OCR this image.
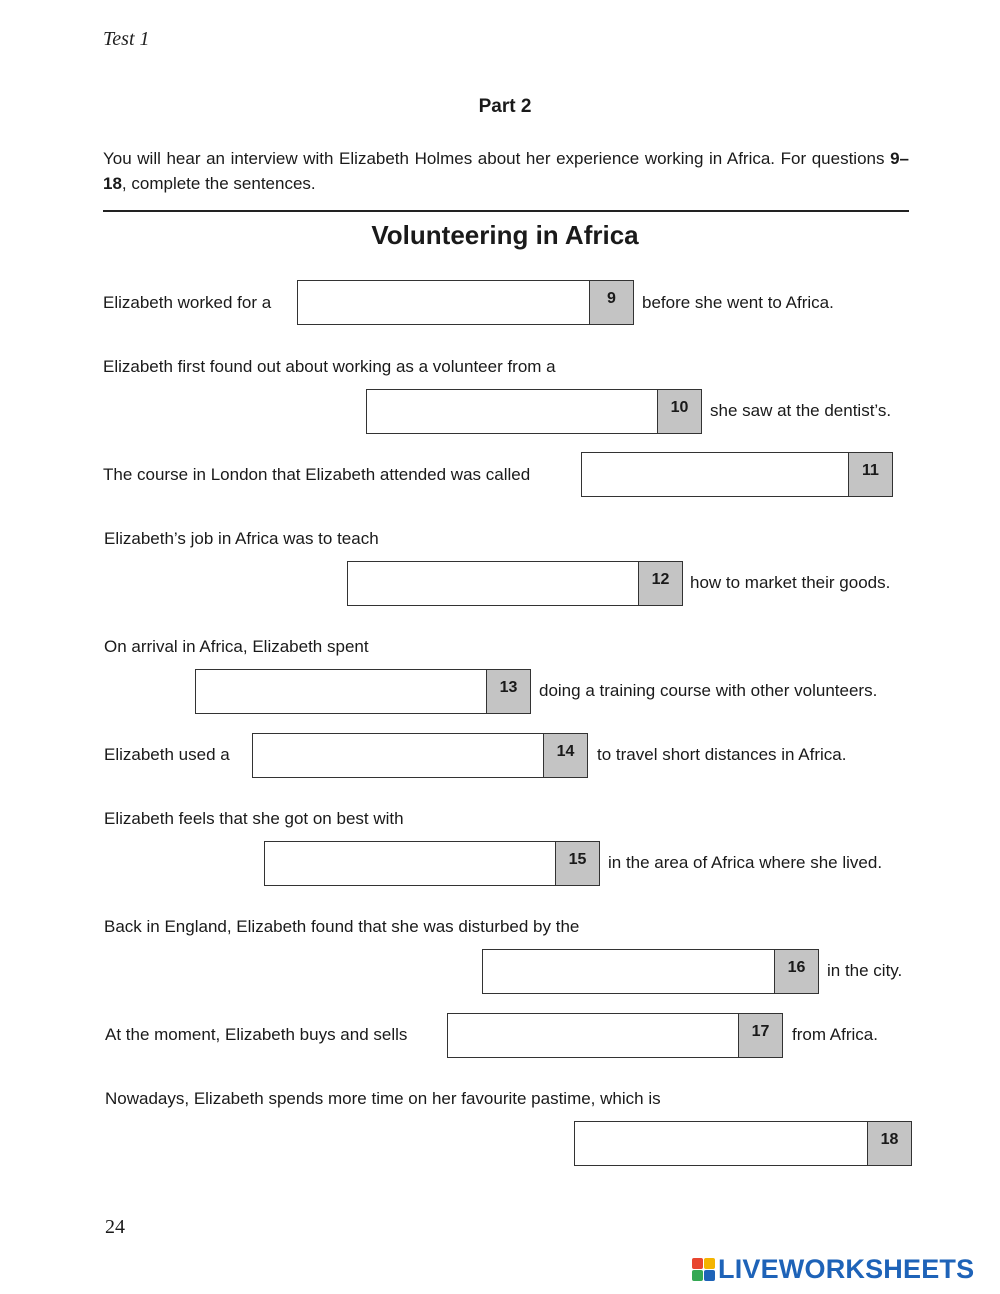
Test 1
Part 2
You will hear an interview with Elizabeth Holmes about her experience working in Africa. For questions 9–18, complete the sentences.
Volunteering in Africa
Elizabeth worked for a	9	before she went to Africa.
Elizabeth first found out about working as a volunteer from a
10	she saw at the dentist’s.
The course in London that Elizabeth attended was called	11
Elizabeth’s job in Africa was to teach
12	how to market their goods.
On arrival in Africa, Elizabeth spent
13	doing a training course with other volunteers.
Elizabeth used a	14	to travel short distances in Africa.
Elizabeth feels that she got on best with
15	in the area of Africa where she lived.
Back in England, Elizabeth found that she was disturbed by the
16	in the city.
At the moment, Elizabeth buys and sells	17	from Africa.
Nowadays, Elizabeth spends more time on her favourite pastime, which is
18
24
LIVEWORKSHEETS
